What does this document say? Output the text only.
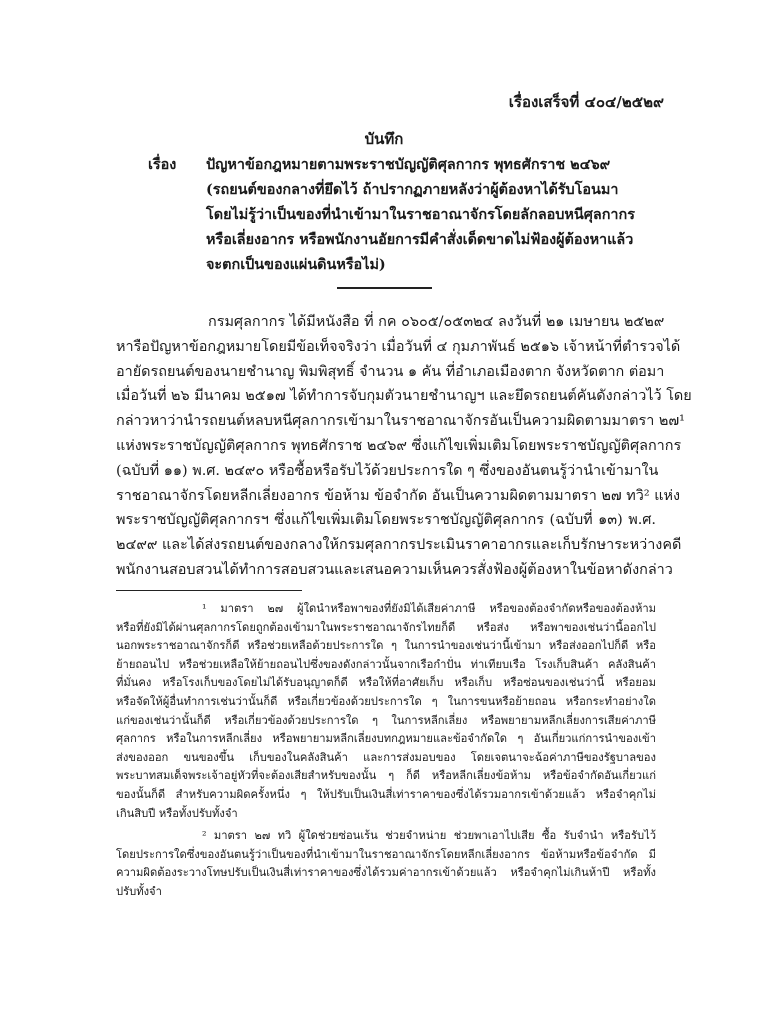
เรื่องเสร็จที่ ๔๐๔/๒๕๒๙
บันทึก
เรื่อง ปัญหาข้อกฎหมายตามพระราชบัญญัติศุลกากร พุทธศักราช ๒๔๖๙
(รถยนต์ของกลางที่ยึดไว้ ถ้าปรากฏภายหลังว่าผู้ต้องหาได้รับโอนมา
โดยไม่รู้ว่าเป็นของที่นำเข้ามาในราชอาณาจักรโดยลักลอบหนีศุลกากร
หรือเลี่ยงอากร หรือพนักงานอัยการมีคำสั่งเด็ดขาดไม่ฟ้องผู้ต้องหาแล้ว
จะตกเป็นของแผ่นดินหรือไม่)
กรมศุลกากร ได้มีหนังสือ ที่ กค ๐๖๐๕/๐๕๓๒๔ ลงวันที่ ๒๑ เมษายน ๒๕๒๙
หารือปัญหาข้อกฎหมายโดยมีข้อเท็จจริงว่า เมื่อวันที่ ๔ กุมภาพันธ์ ๒๕๑๖ เจ้าหน้าที่ตำรวจได้
อายัดรถยนต์ของนายชำนาญ พิมพิสุทธิ์ จำนวน ๑ คัน ที่อำเภอเมืองตาก จังหวัดตาก ต่อมา
เมื่อวันที่ ๒๖ มีนาคม ๒๕๑๗ ได้ทำการจับกุมตัวนายชำนาญฯ และยึดรถยนต์คันดังกล่าวไว้ โดย
กล่าวหาว่านำรถยนต์หลบหนีศุลกากรเข้ามาในราชอาณาจักรอันเป็นความผิดตามมาตรา ๒๗¹
แห่งพระราชบัญญัติศุลกากร พุทธศักราช ๒๔๖๙ ซึ่งแก้ไขเพิ่มเติมโดยพระราชบัญญัติศุลกากร
(ฉบับที่ ๑๑) พ.ศ. ๒๔๙๐ หรือซื้อหรือรับไว้ด้วยประการใด ๆ ซึ่งของอันตนรู้ว่านำเข้ามาใน
ราชอาณาจักรโดยหลีกเลี่ยงอากร ข้อห้าม ข้อจำกัด อันเป็นความผิดตามมาตรา ๒๗ ทวิ² แห่ง
พระราชบัญญัติศุลกากรฯ ซึ่งแก้ไขเพิ่มเติมโดยพระราชบัญญัติศุลกากร (ฉบับที่ ๑๓) พ.ศ.
๒๔๙๙ และได้ส่งรถยนต์ของกลางให้กรมศุลกากรประเมินราคาอากรและเก็บรักษาระหว่างคดี
พนักงานสอบสวนได้ทำการสอบสวนและเสนอความเห็นควรสั่งฟ้องผู้ต้องหาในข้อหาดังกล่าว
¹ มาตรา ๒๗ ผู้ใดนำหรือพาของที่ยังมิได้เสียค่าภาษี หรือของต้องจำกัดหรือของต้องห้าม
หรือที่ยังมิได้ผ่านศุลกากรโดยถูกต้องเข้ามาในพระราชอาณาจักรไทยก็ดี หรือส่ง หรือพาของเช่นว่านี้ออกไป
นอกพระราชอาณาจักรก็ดี หรือช่วยเหลือด้วยประการใด ๆ ในการนำของเช่นว่านี้เข้ามา หรือส่งออกไปก็ดี หรือ
ย้ายถอนไป หรือช่วยเหลือให้ย้ายถอนไปซึ่งของดังกล่าวนั้นจากเรือกำปั่น ท่าเทียบเรือ โรงเก็บสินค้า คลังสินค้า
ที่มั่นคง หรือโรงเก็บของโดยไม่ได้รับอนุญาตก็ดี หรือให้ที่อาศัยเก็บ หรือเก็บ หรือซ่อนของเช่นว่านี้ หรือยอม
หรือจัดให้ผู้อื่นทำการเช่นว่านั้นก็ดี หรือเกี่ยวข้องด้วยประการใด ๆ ในการขนหรือย้ายถอน หรือกระทำอย่างใด
แก่ของเช่นว่านั้นก็ดี หรือเกี่ยวข้องด้วยประการใด ๆ ในการหลีกเลี่ยง หรือพยายามหลีกเลี่ยงการเสียค่าภาษี
ศุลกากร หรือในการหลีกเลี่ยง หรือพยายามหลีกเลี่ยงบทกฎหมายและข้อจำกัดใด ๆ อันเกี่ยวแก่การนำของเข้า
ส่งของออก ขนของขึ้น เก็บของในคลังสินค้า และการส่งมอบของ โดยเจตนาจะฉ้อค่าภาษีของรัฐบาลของ
พระบาทสมเด็จพระเจ้าอยู่หัวที่จะต้องเสียสำหรับของนั้น ๆ ก็ดี หรือหลีกเลี่ยงข้อห้าม หรือข้อจำกัดอันเกี่ยวแก่
ของนั้นก็ดี สำหรับความผิดครั้งหนึ่ง ๆ ให้ปรับเป็นเงินสี่เท่าราคาของซึ่งได้รวมอากรเข้าด้วยแล้ว หรือจำคุกไม่
เกินสิบปี หรือทั้งปรับทั้งจำ
² มาตรา ๒๗ ทวิ ผู้ใดช่วยซ่อนเร้น ช่วยจำหน่าย ช่วยพาเอาไปเสีย ซื้อ รับจำนำ หรือรับไว้
โดยประการใดซึ่งของอันตนรู้ว่าเป็นของที่นำเข้ามาในราชอาณาจักรโดยหลีกเลี่ยงอากร ข้อห้ามหรือข้อจำกัด มี
ความผิดต้องระวางโทษปรับเป็นเงินสี่เท่าราคาของซึ่งได้รวมค่าอากรเข้าด้วยแล้ว หรือจำคุกไม่เกินห้าปี หรือทั้ง
ปรับทั้งจำ
